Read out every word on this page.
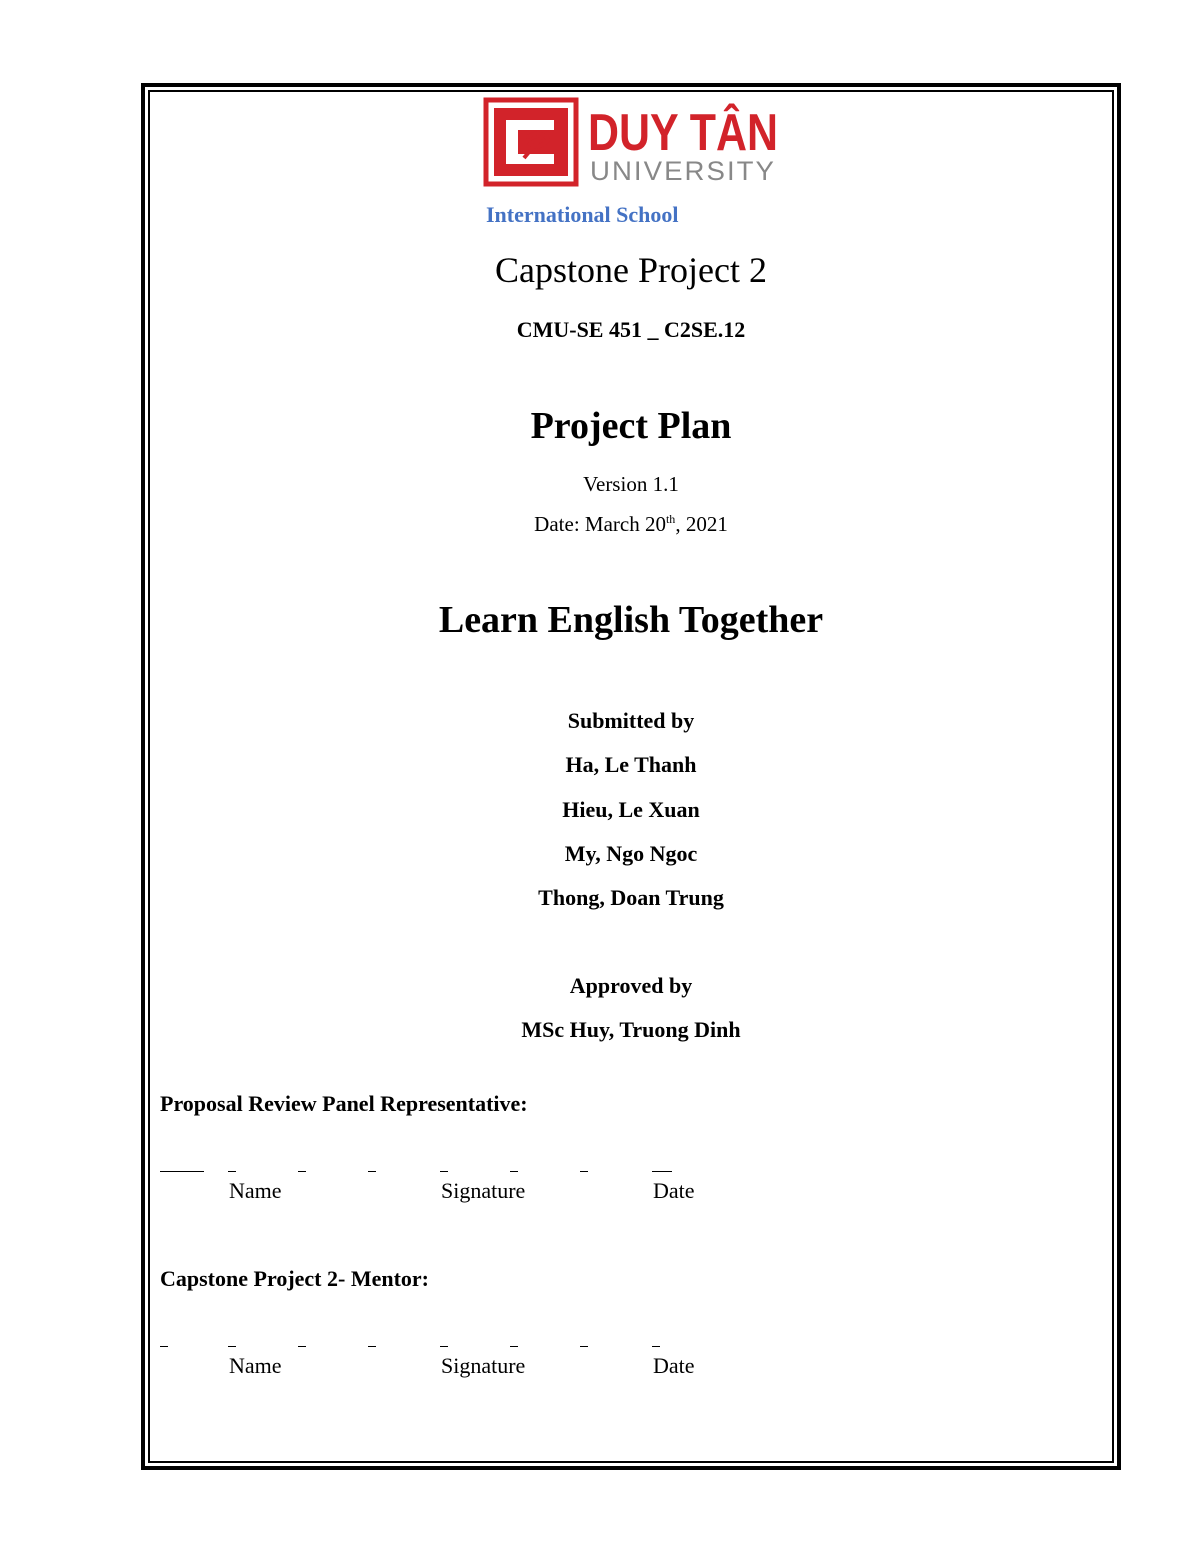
DUY TÂN
UNIVERSITY
International School
Capstone Project 2
CMU-SE 451 _ C2SE.12
Project Plan
Version 1.1
Date: March 20th, 2021
Learn English Together
Submitted by
Ha, Le Thanh
Hieu, Le Xuan
My, Ngo Ngoc
Thong, Doan Trung
Approved by
MSc Huy, Truong Dinh
Proposal Review Panel Representative:
Name	Signature	Date
Capstone Project 2- Mentor:
Name	Signature	Date
